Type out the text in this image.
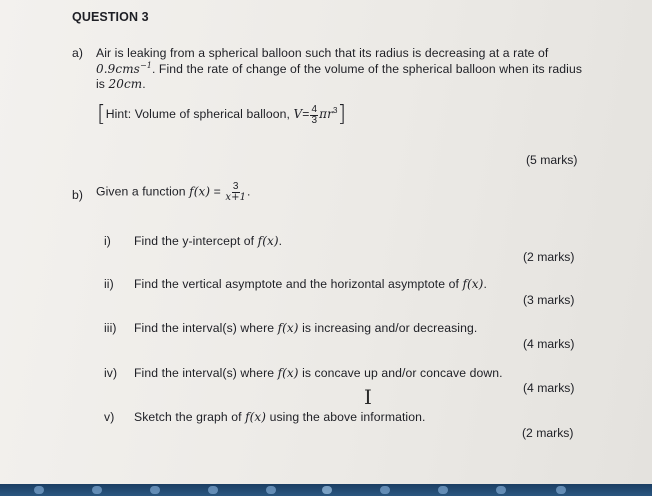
QUESTION 3
a) Air is leaking from a spherical balloon such that its radius is decreasing at a rate of
0.9cms$^{-1}$. Find the rate of change of the volume of the spherical balloon when its radius
is 20cm.
[Hint: Volume of spherical balloon, $V= \frac{4}{3} \pi r^3$]
(5 marks)
b) Given a function $f(x) = \frac{3}{x+1}$ .
i) Find the y-intercept of f(x).
(2 marks)
ii) Find the vertical asymptote and the horizontal asymptote of f(x).
(3 marks)
iii) Find the interval(s) where f(x) is increasing and/or decreasing.
(4 marks)
iv) Find the interval(s) where f(x) is concave up and/or concave down.
(4 marks)
I
v) Sketch the graph of f(x) using the above information.
(2 marks)
